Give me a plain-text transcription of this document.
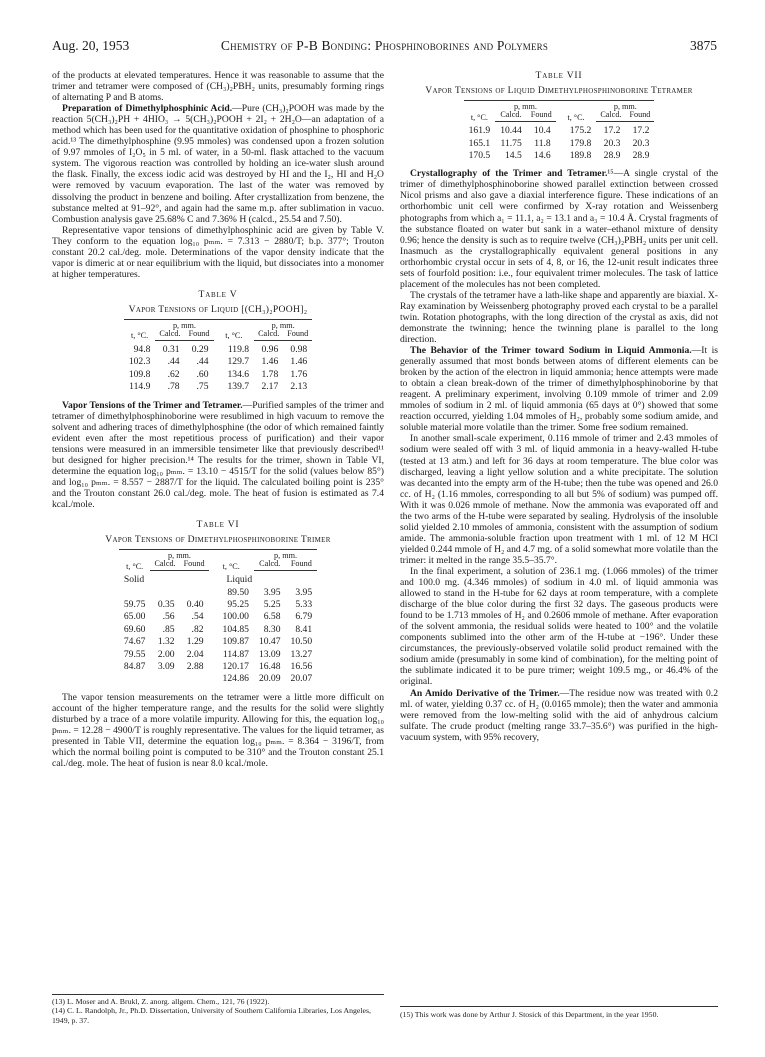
Aug. 20, 1953	Chemistry of P-B Bonding: Phosphinoborines and Polymers	3875

of the products at elevated temperatures. Hence it was reasonable to assume that the trimer and tetramer were composed of (CH₃)₂PBH₂ units, presumably forming rings of alternating P and B atoms.

Preparation of Dimethylphosphinic Acid.—Pure (CH₃)₂POOH was made by the reaction 5(CH₃)₂PH + 4HIO₃ → 5(CH₃)₂POOH + 2I₂ + 2H₂O—an adaptation of a method which has been used for the quantitative oxidation of phosphine to phosphoric acid.¹³ The dimethylphosphine (9.95 mmoles) was condensed upon a frozen solution of 9.97 mmoles of I₂O₅ in 5 ml. of water, in a 50-ml. flask attached to the vacuum system. The vigorous reaction was controlled by holding an ice-water slush around the flask. Finally, the excess iodic acid was destroyed by HI and the I₂, HI and H₂O were removed by vacuum evaporation. The last of the water was removed by dissolving the product in benzene and boiling. After crystallization from benzene, the substance melted at 91–92°, and again had the same m.p. after sublimation in vacuo. Combustion analysis gave 25.68% C and 7.36% H (calcd., 25.54 and 7.50).

Representative vapor tensions of dimethylphosphinic acid are given by Table V. They conform to the equation log₁₀ pₘₘ. = 7.313 − 2880/T; b.p. 377°; Trouton constant 20.2 cal./deg. mole. Determinations of the vapor density indicate that the vapor is dimeric at or near equilibrium with the liquid, but dissociates into a monomer at higher temperatures.

Table V
Vapor Tensions of Liquid [(CH₃)₂POOH]₂
t, °C.	p, mm.		t, °C.	p, mm.	
	Calcd.	Found		Calcd.	Found
94.8	0.31	0.29	119.8	0.96	0.98
102.3	.44	.44	129.7	1.46	1.46
109.8	.62	.60	134.6	1.78	1.76
114.9	.78	.75	139.7	2.17	2.13

Vapor Tensions of the Trimer and Tetramer.—Purified samples of the trimer and tetramer of dimethylphosphinoborine were resublimed in high vacuum to remove the solvent and adhering traces of dimethylphosphine (the odor of which remained faintly evident even after the most repetitious process of purification) and their vapor tensions were measured in an immersible tensimeter like that previously described¹¹ but designed for higher precision.¹⁴ The results for the trimer, shown in Table VI, determine the equation log₁₀ pₘₘ. = 13.10 − 4515/T for the solid (values below 85°) and log₁₀ pₘₘ. = 8.557 − 2887/T for the liquid. The calculated boiling point is 235° and the Trouton constant 26.0 cal./deg. mole. The heat of fusion is estimated as 7.4 kcal./mole.

Table VI
Vapor Tensions of Dimethylphosphinoborine Trimer
t, °C.	p, mm.		t, °C.	p, mm.	
	Calcd.	Found		Calcd.	Found
Solid			Liquid		
			89.50	3.95	3.95
59.75	0.35	0.40	95.25	5.25	5.33
65.00	.56	.54	100.00	6.58	6.79
69.60	.85	.82	104.85	8.30	8.41
74.67	1.32	1.29	109.87	10.47	10.50
79.55	2.00	2.04	114.87	13.09	13.27
84.87	3.09	2.88	120.17	16.48	16.56
			124.86	20.09	20.07

The vapor tension measurements on the tetramer were a little more difficult on account of the higher temperature range, and the results for the solid were slightly disturbed by a trace of a more volatile impurity. Allowing for this, the equation log₁₀ pₘₘ. = 12.28 − 4900/T is roughly representative. The values for the liquid tetramer, as presented in Table VII, determine the equation log₁₀ pₘₘ. = 8.364 − 3196/T, from which the normal boiling point is computed to be 310° and the Trouton constant 25.1 cal./deg. mole. The heat of fusion is near 8.0 kcal./mole.

Table VII
Vapor Tensions of Liquid Dimethylphosphinoborine Tetramer
t, °C.	p, mm.		t, °C.	p, mm.	
	Calcd.	Found		Calcd.	Found
161.9	10.44	10.4	175.2	17.2	17.2
165.1	11.75	11.8	179.8	20.3	20.3
170.5	14.5	14.6	189.8	28.9	28.9

Crystallography of the Trimer and Tetramer.¹⁵—A single crystal of the trimer of dimethylphosphinoborine showed parallel extinction between crossed Nicol prisms and also gave a diaxial interference figure. These indications of an orthorhombic unit cell were confirmed by X-ray rotation and Weissenberg photographs from which a₁ = 11.1, a₂ = 13.1 and a₃ = 10.4 Å. Crystal fragments of the substance floated on water but sank in a water–ethanol mixture of density 0.96; hence the density is such as to require twelve (CH₃)₂PBH₂ units per unit cell. Inasmuch as the crystallographically equivalent general positions in any orthorhombic crystal occur in sets of 4, 8, or 16, the 12-unit result indicates three sets of fourfold position: i.e., four equivalent trimer molecules. The task of lattice placement of the molecules has not been completed.

The crystals of the tetramer have a lath-like shape and apparently are biaxial. X-Ray examination by Weissenberg photography proved each crystal to be a parallel twin. Rotation photographs, with the long direction of the crystal as axis, did not demonstrate the twinning; hence the twinning plane is parallel to the long direction.

The Behavior of the Trimer toward Sodium in Liquid Ammonia.—It is generally assumed that most bonds between atoms of different elements can be broken by the action of the electron in liquid ammonia; hence attempts were made to obtain a clean break-down of the trimer of dimethylphosphinoborine by that reagent. A preliminary experiment, involving 0.109 mmole of trimer and 2.09 mmoles of sodium in 2 ml. of liquid ammonia (65 days at 0°) showed that some reaction occurred, yielding 1.04 mmoles of H₂, probably some sodium amide, and soluble material more volatile than the trimer. Some free sodium remained.

In another small-scale experiment, 0.116 mmole of trimer and 2.43 mmoles of sodium were sealed off with 3 ml. of liquid ammonia in a heavy-walled H-tube (tested at 13 atm.) and left for 36 days at room temperature. The blue color was discharged, leaving a light yellow solution and a white precipitate. The solution was decanted into the empty arm of the H-tube; then the tube was opened and 26.0 cc. of H₂ (1.16 mmoles, corresponding to all but 5% of sodium) was pumped off. With it was 0.026 mmole of methane. Now the ammonia was evaporated off and the two arms of the H-tube were separated by sealing. Hydrolysis of the insoluble solid yielded 2.10 mmoles of ammonia, consistent with the assumption of sodium amide. The ammonia-soluble fraction upon treatment with 1 ml. of 12 M HCl yielded 0.244 mmole of H₂ and 4.7 mg. of a solid somewhat more volatile than the trimer: it melted in the range 35.5–35.7°.

In the final experiment, a solution of 236.1 mg. (1.066 mmoles) of the trimer and 100.0 mg. (4.346 mmoles) of sodium in 4.0 ml. of liquid ammonia was allowed to stand in the H-tube for 62 days at room temperature, with a complete discharge of the blue color during the first 32 days. The gaseous products were found to be 1.713 mmoles of H₂ and 0.2606 mmole of methane. After evaporation of the solvent ammonia, the residual solids were heated to 100° and the volatile components sublimed into the other arm of the H-tube at −196°. Under these circumstances, the previously-observed volatile solid product remained with the sodium amide (presumably in some kind of combination), for the melting point of the sublimate indicated it to be pure trimer; weight 109.5 mg., or 46.4% of the original.

An Amido Derivative of the Trimer.—The residue now was treated with 0.2 ml. of water, yielding 0.37 cc. of H₂ (0.0165 mmole); then the water and ammonia were removed from the low-melting solid with the aid of anhydrous calcium sulfate. The crude product (melting range 33.7–35.6°) was purified in the high-vacuum system, with 95% recovery,

(13) L. Moser and A. Brukl, Z. anorg. allgem. Chem., 121, 76 (1922).
(14) C. L. Randolph, Jr., Ph.D. Dissertation, University of Southern California Libraries, Los Angeles, 1949, p. 37.
(15) This work was done by Arthur J. Stosick of this Department, in the year 1950.
